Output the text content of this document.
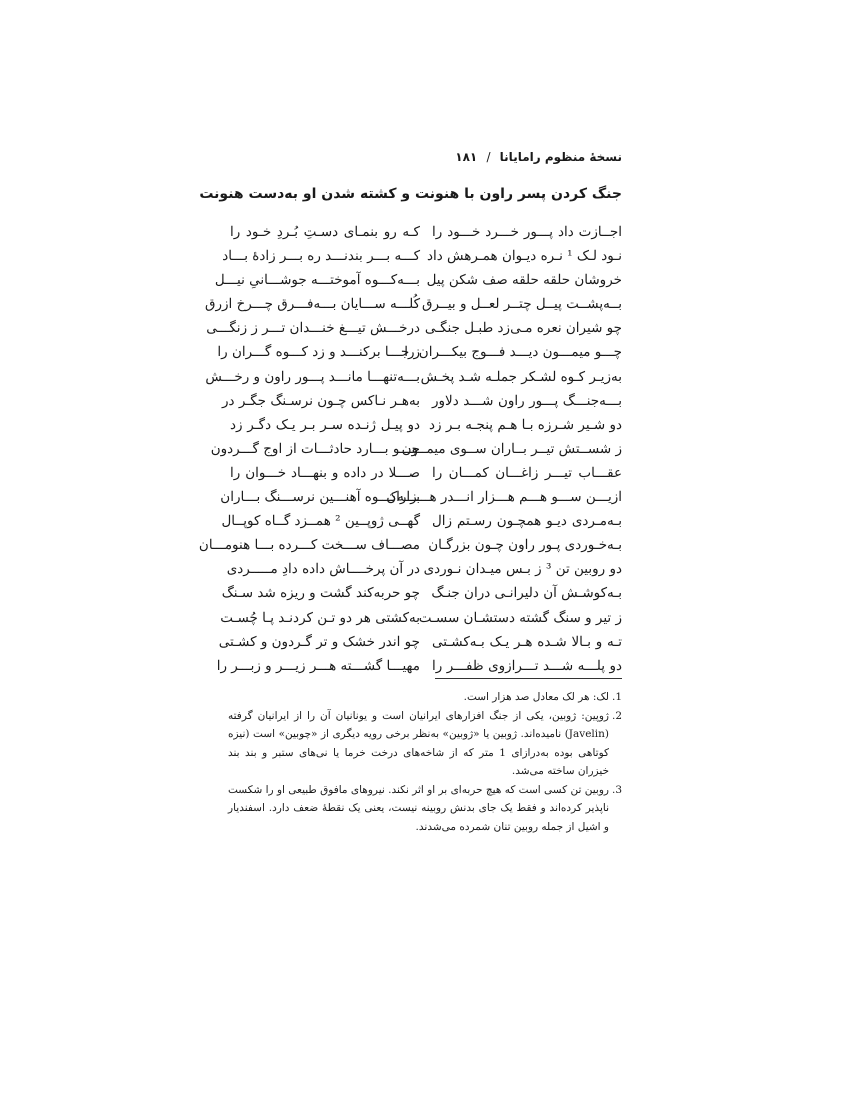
نسخهٔ منظوم رامایانا / ۱۸۱
جنگ کردن پسر راون با هنونت و کشته شدن او به‌دست هنونت
اجــازت داد پـــور خـــرد خـــود را
کـه رو بنمـای دسـتِ بُـردِ خـود را
نـود لـک ¹ نـره دیـوان همـرهش داد
کـــه بـــر بندنـــد ره بـــر زادهٔ بـــاد
خروشان حلقه حلقه صف شکن پیل
بـــه‌کـــوه آموختـــه جوشـــانیِ نیـــل
بــه‌پشــت پیــل چتــر لعــل و بیــرق
کُلـــه ســـایان بـــه‌فـــرق چـــرخ ازرق
چو شیران نعره مـی‌زد طبـل جنگـی
درخـــش تیـــغ خنـــدان تـــر ز زنگـــی
چـــو میمـــون دیـــد فـــوج بیکـــران را
ز جـــا برکنـــد و زد کـــوه گـــران را
به‌زیـر کـوه لشـکر جملـه شـد پخـش
بـــه‌تنهـــا مانـــد پـــور راون و رخـــش
بـــه‌جنـــگ پـــور راون شـــد دلاور
به‌هـر نـاکس چـون نرسـنگ جگـر در
دو شـیر شـرزه بـا هـم پنجـه بـر زد
دو پیـل ژنـده سـر بـر یـک دگـر زد
ز شســتش تیــر بــاران ســوی میمــون
چـــو بـــارد حادثـــات از اوج گـــردون
عقـــاب تیـــر زاغـــان کمـــان را
صـــلا در داده و بنهـــاد خـــوان را
ازیـــن ســـو هـــم هـــزار انـــدر هـــزاران
بـــه‌کـــوه آهنـــین نرســـنگ بـــاران
بـه‌مـردی دیـو همچـون رسـتم زال
گهــی ژوپــین ² همــزد گــاه کوپــال
بـه‌خـوردی پـور راون چـون بزرگـان
مصـــاف ســـخت کـــرده بـــا هنومـــان
دو روبین تن ³ ز بـس میـدان نـوردی
در آن پرخــــاش داده دادِ مـــــردی
بـه‌کوشـش آن دلیرانـی دران جنـگ
چو حربه‌کند گشت و ریزه شد سـنگ
ز تیر و سنگ گشته دستشـان سسـت
به‌کشتی هر دو تـن کردنـد پـا چُسـت
تـه و بـالا شـده هـر یـک بـه‌کشـتی
چو اندر خشک و تر گـردون و کشـتی
دو پلـــه شـــد تـــرازوی ظفـــر را
مهیـــا گشـــته هـــر زیـــر و زبـــر را
1.
لک: هر لک معادل صد هزار است.
2.
ژوپین: ژوبین، یکی از جنگ افزارهای ایرانیان است و یونانیان آن را از ایرانیان گرفته (Javelin) نامیده‌اند. ژوبین یا «ژوبین» به‌نظر برخی رویه دیگری از «چوبین» است (نیزه کوتاهی بوده به‌درازای 1 متر که از شاخه‌های درخت خرما یا نی‌های ستبر و بند بند خیزران ساخته می‌شد.
3.
روبین تن کسی است که هیچ حربه‌ای بر او اثر نکند. نیروهای مافوق طبیعی او را شکست ناپذیر کرده‌اند و فقط یک جای بدنش روبینه نیست، یعنی یک نقطهٔ ضعف دارد. اسفندیار و اشیل از جمله روبین تنان شمرده می‌شدند.
